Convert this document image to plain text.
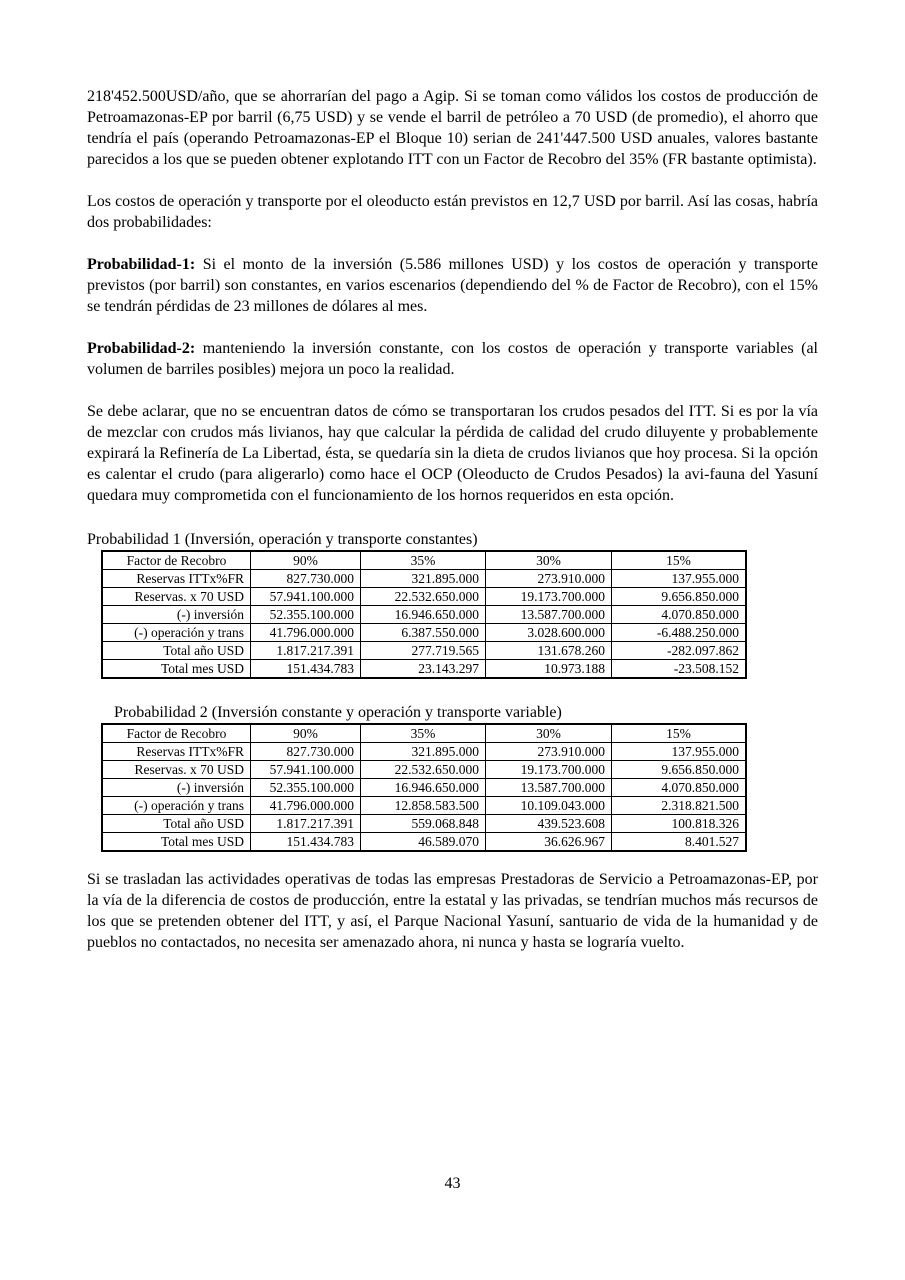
218'452.500USD/año, que se ahorrarían del pago a Agip. Si se toman como válidos los costos de producción de Petroamazonas-EP por barril (6,75 USD) y se vende el barril de petróleo a 70 USD (de promedio), el ahorro que tendría el país (operando Petroamazonas-EP el Bloque 10) serian de 241'447.500 USD anuales, valores bastante parecidos a los que se pueden obtener explotando ITT con un Factor de Recobro del 35% (FR bastante optimista).

Los costos de operación y transporte por el oleoducto están previstos en 12,7 USD por barril. Así las cosas, habría dos probabilidades:

Probabilidad-1: Si el monto de la inversión (5.586 millones USD) y los costos de operación y transporte previstos (por barril) son constantes, en varios escenarios (dependiendo del % de Factor de Recobro), con el 15% se tendrán pérdidas de 23 millones de dólares al mes.

Probabilidad-2: manteniendo la inversión constante, con los costos de operación y transporte variables (al volumen de barriles posibles) mejora un poco la realidad.

Se debe aclarar, que no se encuentran datos de cómo se transportaran los crudos pesados del ITT. Si es por la vía de mezclar con crudos más livianos, hay que calcular la pérdida de calidad del crudo diluyente y probablemente expirará la Refinería de La Libertad, ésta, se quedaría sin la dieta de crudos livianos que hoy procesa. Si la opción es calentar el crudo (para aligerarlo) como hace el OCP (Oleoducto de Crudos Pesados) la avi-fauna del Yasuní quedara muy comprometida con el funcionamiento de los hornos requeridos en esta opción.

Probabilidad 1 (Inversión, operación y transporte constantes)

Factor de Recobro	90%	35%	30%	15%
Reservas ITTx%FR	827.730.000	321.895.000	273.910.000	137.955.000
Reservas. x 70 USD	57.941.100.000	22.532.650.000	19.173.700.000	9.656.850.000
(-) inversión	52.355.100.000	16.946.650.000	13.587.700.000	4.070.850.000
(-) operación y trans	41.796.000.000	6.387.550.000	3.028.600.000	-6.488.250.000
Total año USD	1.817.217.391	277.719.565	131.678.260	-282.097.862
Total mes USD	151.434.783	23.143.297	10.973.188	-23.508.152

Probabilidad 2 (Inversión constante y operación y transporte variable)

Factor de Recobro	90%	35%	30%	15%
Reservas ITTx%FR	827.730.000	321.895.000	273.910.000	137.955.000
Reservas. x 70 USD	57.941.100.000	22.532.650.000	19.173.700.000	9.656.850.000
(-) inversión	52.355.100.000	16.946.650.000	13.587.700.000	4.070.850.000
(-) operación y trans	41.796.000.000	12.858.583.500	10.109.043.000	2.318.821.500
Total año USD	1.817.217.391	559.068.848	439.523.608	100.818.326
Total mes USD	151.434.783	46.589.070	36.626.967	8.401.527

Si se trasladan las actividades operativas de todas las empresas Prestadoras de Servicio a Petroamazonas-EP, por la vía de la diferencia de costos de producción, entre la estatal y las privadas, se tendrían muchos más recursos de los que se pretenden obtener del ITT, y así, el Parque Nacional Yasuní, santuario de vida de la humanidad y de pueblos no contactados, no necesita ser amenazado ahora, ni nunca y hasta se lograría vuelto.

43
